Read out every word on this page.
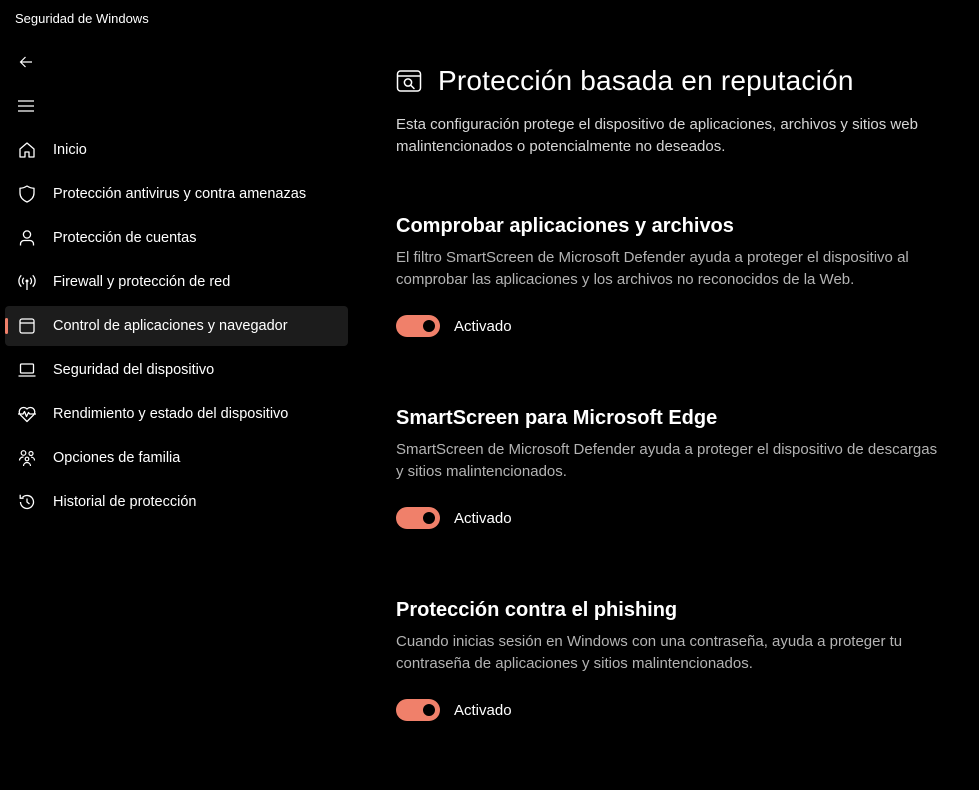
Seguridad de Windows
Inicio
Protección antivirus y contra amenazas
Protección de cuentas
Firewall y protección de red
Control de aplicaciones y navegador
Seguridad del dispositivo
Rendimiento y estado del dispositivo
Opciones de familia
Historial de protección
Protección basada en reputación
Esta configuración protege el dispositivo de aplicaciones, archivos y sitios web malintencionados o potencialmente no deseados.
Comprobar aplicaciones y archivos
El filtro SmartScreen de Microsoft Defender ayuda a proteger el dispositivo al comprobar las aplicaciones y los archivos no reconocidos de la Web.
Activado
SmartScreen para Microsoft Edge
SmartScreen de Microsoft Defender ayuda a proteger el dispositivo de descargas y sitios malintencionados.
Activado
Protección contra el phishing
Cuando inicias sesión en Windows con una contraseña, ayuda a proteger tu contraseña de aplicaciones y sitios malintencionados.
Activado
